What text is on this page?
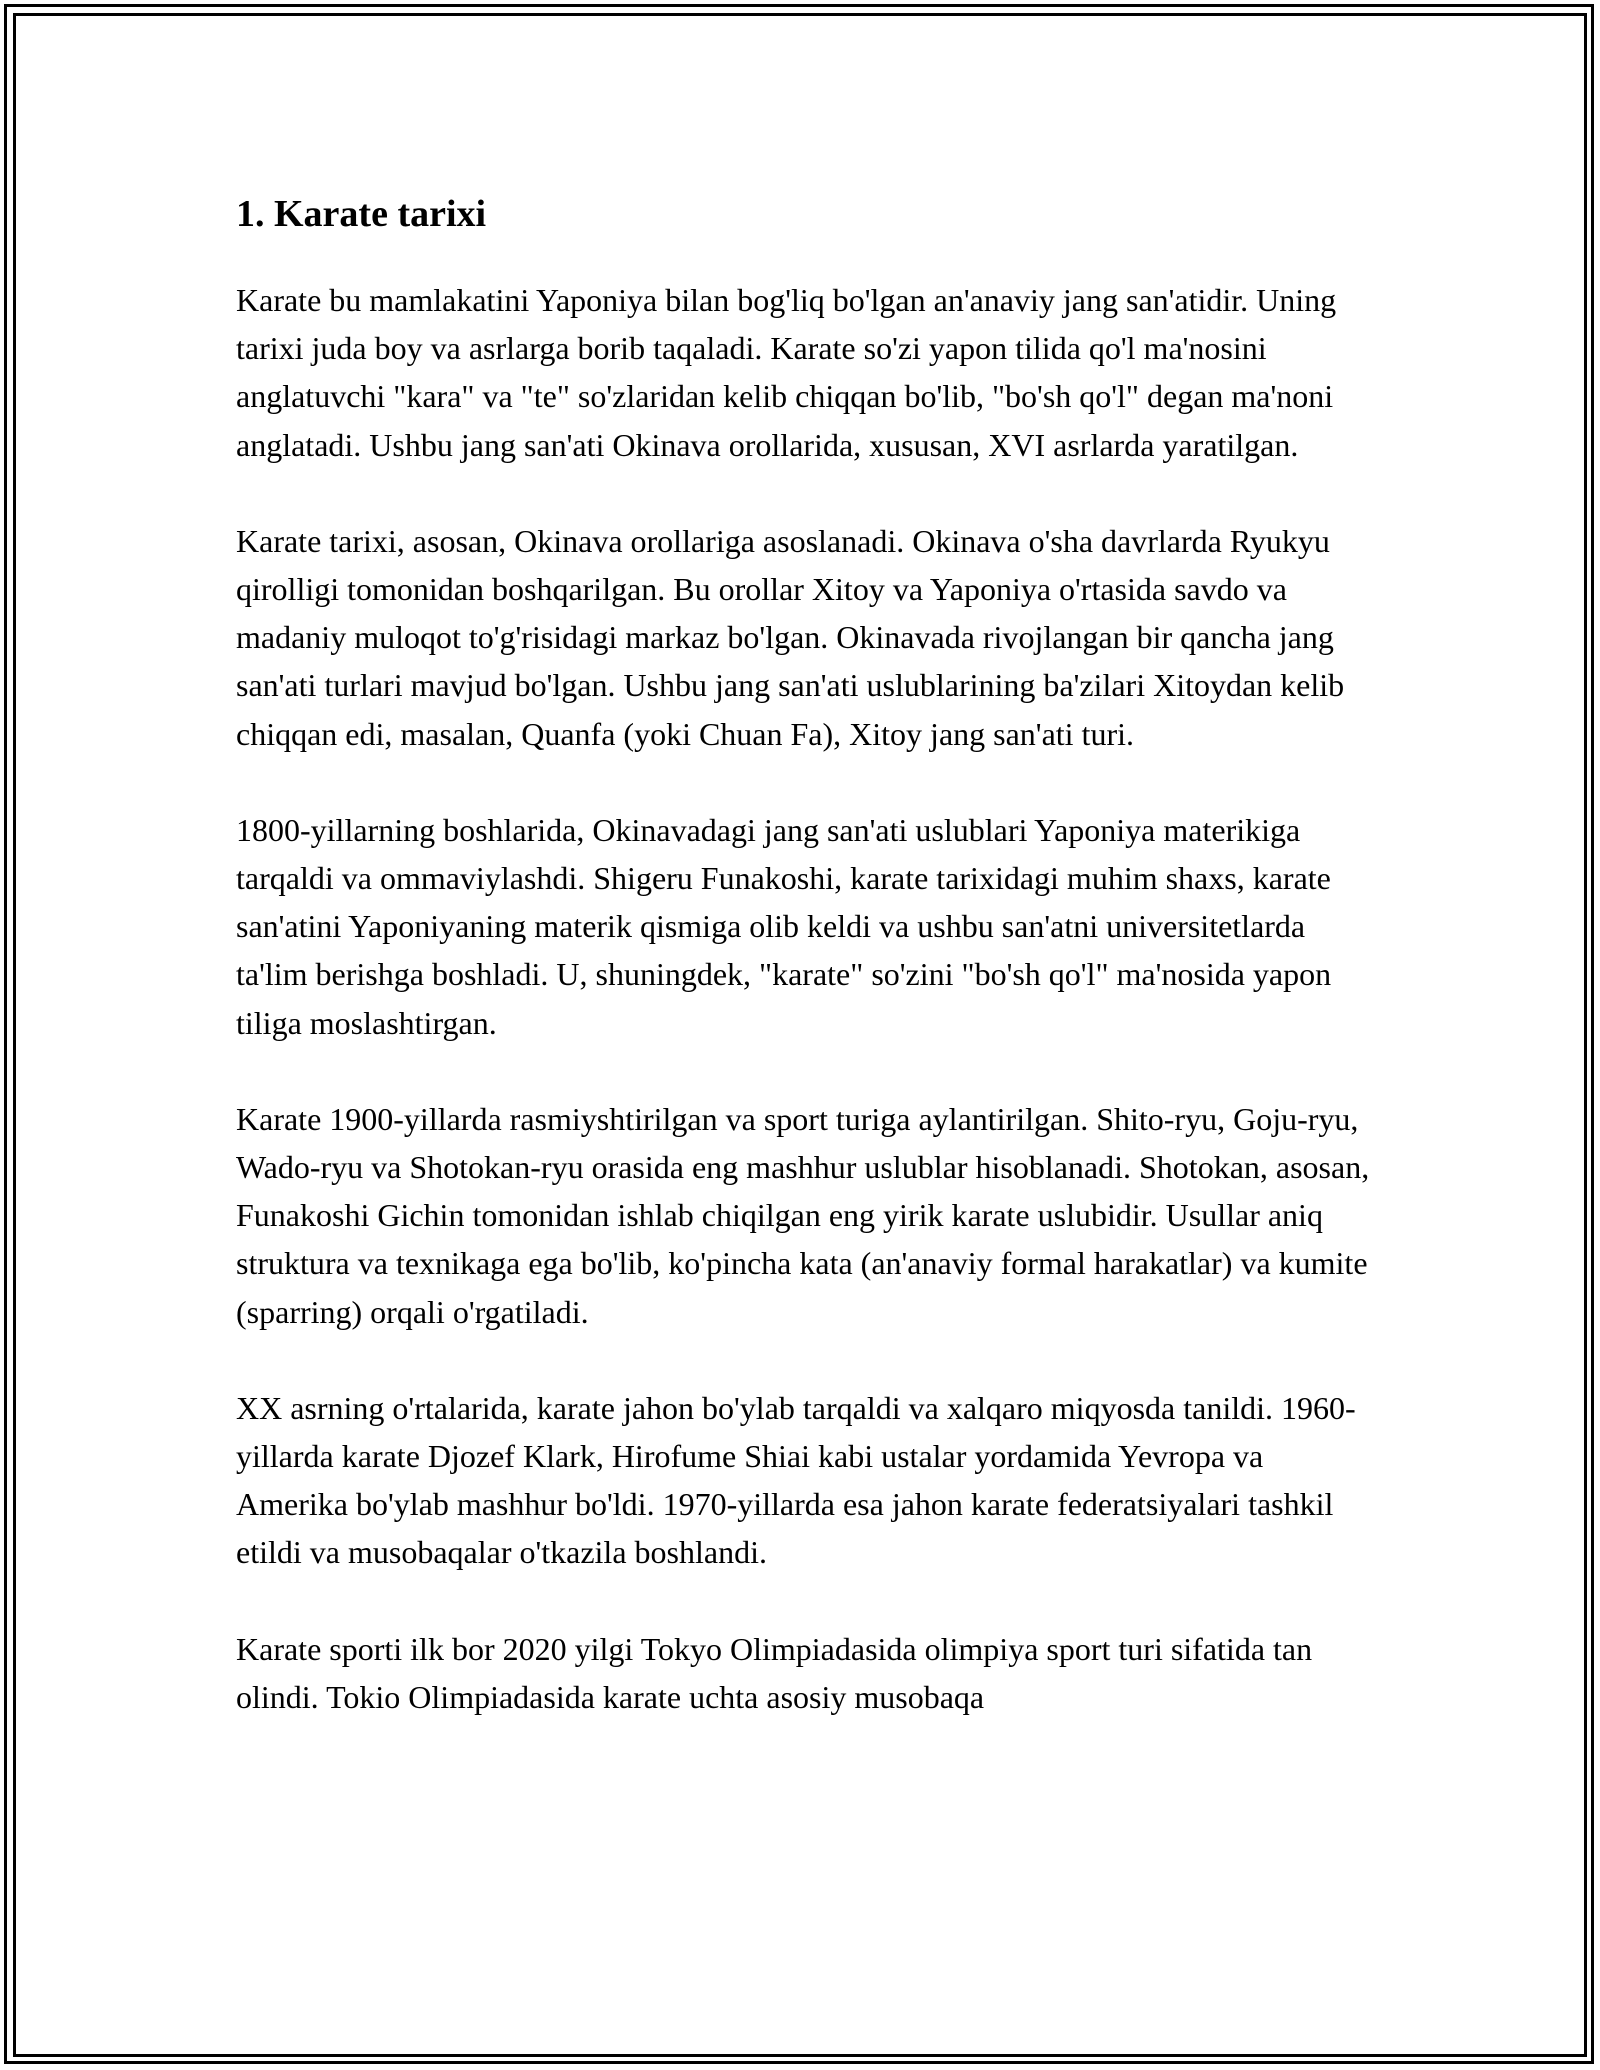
1. Karate tarixi

Karate bu mamlakatini Yaponiya bilan bog'liq bo'lgan an'anaviy jang san'atidir. Uning tarixi juda boy va asrlarga borib taqaladi. Karate so'zi yapon tilida qo'l ma'nosini anglatuvchi "kara" va "te" so'zlaridan kelib chiqqan bo'lib, "bo'sh qo'l" degan ma'noni anglatadi. Ushbu jang san'ati Okinava orollarida, xususan, XVI asrlarda yaratilgan.

Karate tarixi, asosan, Okinava orollariga asoslanadi. Okinava o'sha davrlarda Ryukyu qirolligi tomonidan boshqarilgan. Bu orollar Xitoy va Yaponiya o'rtasida savdo va madaniy muloqot to'g'risidagi markaz bo'lgan. Okinavada rivojlangan bir qancha jang san'ati turlari mavjud bo'lgan. Ushbu jang san'ati uslublarining ba'zilari Xitoydan kelib chiqqan edi, masalan, Quanfa (yoki Chuan Fa), Xitoy jang san'ati turi.

1800-yillarning boshlarida, Okinavadagi jang san'ati uslublari Yaponiya materikiga tarqaldi va ommaviylashdi. Shigeru Funakoshi, karate tarixidagi muhim shaxs, karate san'atini Yaponiyaning materik qismiga olib keldi va ushbu san'atni universitetlarda ta'lim berishga boshladi. U, shuningdek, "karate" so'zini "bo'sh qo'l" ma'nosida yapon tiliga moslashtirgan.

Karate 1900-yillarda rasmiyshtirilgan va sport turiga aylantirilgan. Shito-ryu, Goju-ryu, Wado-ryu va Shotokan-ryu orasida eng mashhur uslublar hisoblanadi. Shotokan, asosan, Funakoshi Gichin tomonidan ishlab chiqilgan eng yirik karate uslubidir. Usullar aniq struktura va texnikaga ega bo'lib, ko'pincha kata (an'anaviy formal harakatlar) va kumite (sparring) orqali o'rgatiladi.

XX asrning o'rtalarida, karate jahon bo'ylab tarqaldi va xalqaro miqyosda tanildi. 1960-yillarda karate Djozef Klark, Hirofume Shiai kabi ustalar yordamida Yevropa va Amerika bo'ylab mashhur bo'ldi. 1970-yillarda esa jahon karate federatsiyalari tashkil etildi va musobaqalar o'tkazila boshlandi.

Karate sporti ilk bor 2020 yilgi Tokyo Olimpiadasida olimpiya sport turi sifatida tan olindi. Tokio Olimpiadasida karate uchta asosiy musobaqa
